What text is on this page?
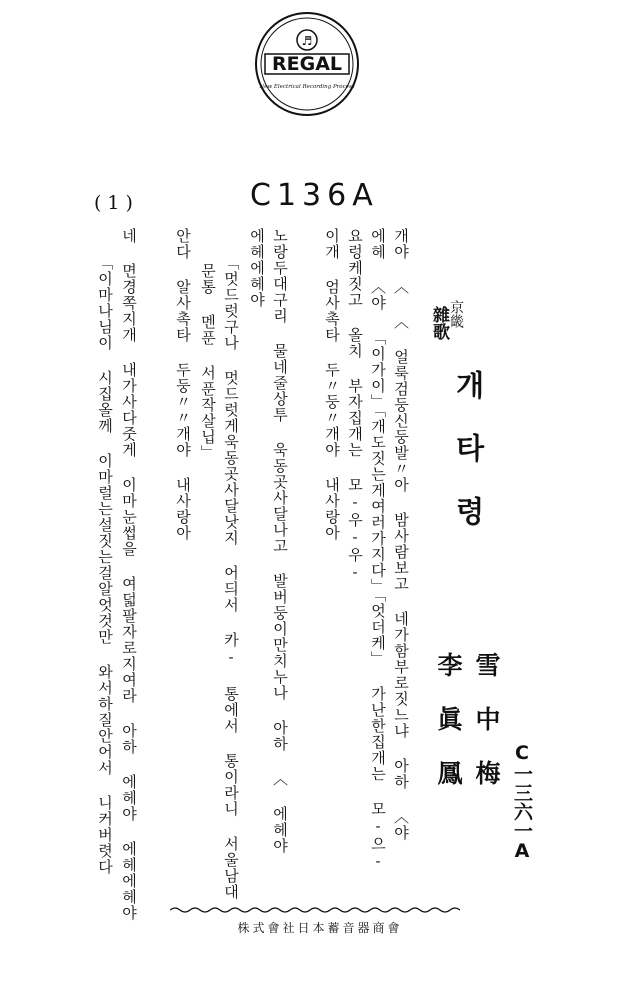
♬
REGAL
New Electrical Recording Process
(1)	C136A
C一三六一A
京畿
雜歌
개 타 령
雪 中 梅
李 眞 鳳
개야 〈 〈 얼룩검둥신둥발〃아 밤사람보고 네가함부로짓느냐 아하 〈야
에헤 〈야 「이가이」「개도짓는게여러가지다」「엇더케」 가난한집개는 모-으-
요렁케짓고 올치 부자집개는 모-우-우-
이개 엄사촉타 두〃둥〃개야 내사랑아
노랑두대구리 물네줄상투 욱동곳사달나고 발버둥이만치누나 아하 〈 에헤야
에헤에헤야
「멋드럿구나 멋드럿게욱동곳사달낫지 어듸서 카- 통에서 통이라니 서울남대
문통 멘푼 서푼작살닙」
안다 알사촉타 두둥〃〃개야 내사랑아
네 면경쪽지개 내가사다줏게 이마눈썹을 여덟팔자로지여라 아하 에헤야 에헤에헤야
「이마나님이 시집올께 이마럴는설짓는걸알엇것만 와서하질안어서 니커버렷다
株式會社日本蓄音器商會
